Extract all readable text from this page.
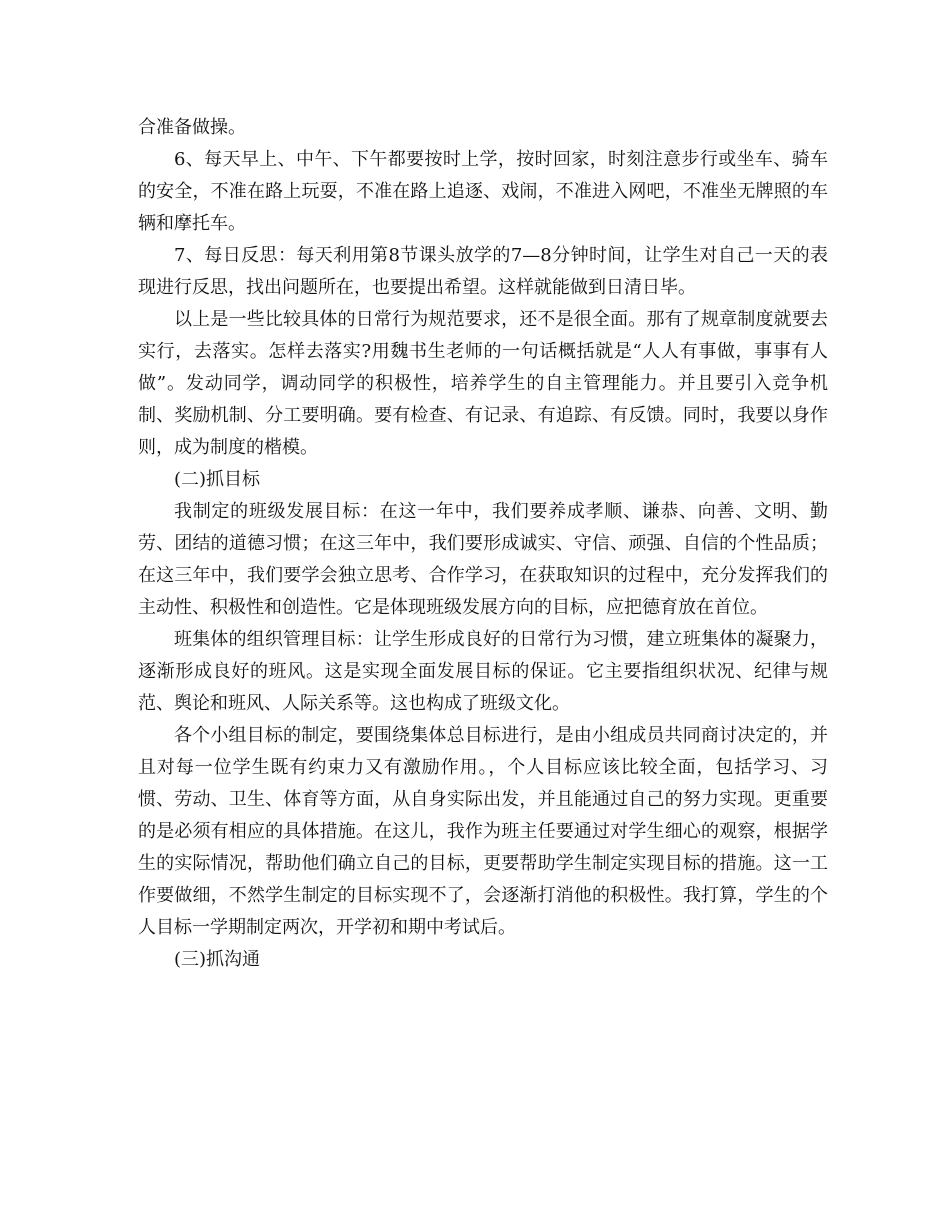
合准备做操。

6、每天早上、中午、下午都要按时上学，按时回家，时刻注意步行或坐车、骑车的安全，不准在路上玩耍，不准在路上追逐、戏闹，不准进入网吧，不准坐无牌照的车辆和摩托车。

7、每日反思：每天利用第8节课头放学的7—8分钟时间，让学生对自己一天的表现进行反思，找出问题所在，也要提出希望。这样就能做到日清日毕。

以上是一些比较具体的日常行为规范要求，还不是很全面。那有了规章制度就要去实行，去落实。怎样去落实?用魏书生老师的一句话概括就是“人人有事做，事事有人做”。发动同学，调动同学的积极性，培养学生的自主管理能力。并且要引入竞争机制、奖励机制、分工要明确。要有检查、有记录、有追踪、有反馈。同时，我要以身作则，成为制度的楷模。

(二)抓目标

我制定的班级发展目标：在这一年中，我们要养成孝顺、谦恭、向善、文明、勤劳、团结的道德习惯；在这三年中，我们要形成诚实、守信、顽强、自信的个性品质；在这三年中，我们要学会独立思考、合作学习，在获取知识的过程中，充分发挥我们的主动性、积极性和创造性。它是体现班级发展方向的目标，应把德育放在首位。

班集体的组织管理目标：让学生形成良好的日常行为习惯，建立班集体的凝聚力，逐渐形成良好的班风。这是实现全面发展目标的保证。它主要指组织状况、纪律与规范、舆论和班风、人际关系等。这也构成了班级文化。

各个小组目标的制定，要围绕集体总目标进行，是由小组成员共同商讨决定的，并且对每一位学生既有约束力又有激励作用。，个人目标应该比较全面，包括学习、习惯、劳动、卫生、体育等方面，从自身实际出发，并且能通过自己的努力实现。更重要的是必须有相应的具体措施。在这儿，我作为班主任要通过对学生细心的观察，根据学生的实际情况，帮助他们确立自己的目标，更要帮助学生制定实现目标的措施。这一工作要做细，不然学生制定的目标实现不了，会逐渐打消他的积极性。我打算，学生的个人目标一学期制定两次，开学初和期中考试后。

(三)抓沟通
